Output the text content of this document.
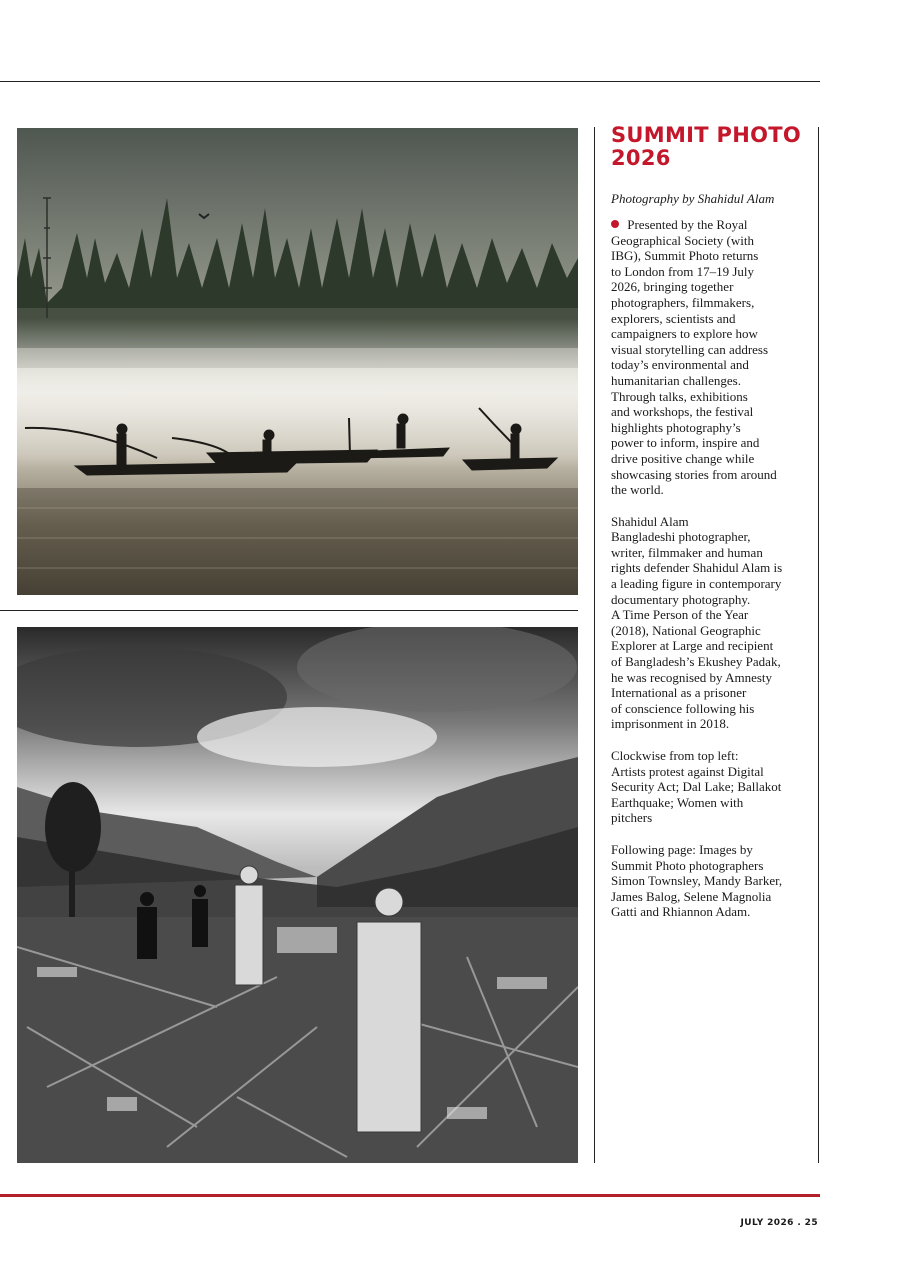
SUMMIT PHOTO
2026

Photography by Shahidul Alam

Presented by the Royal

Geographical Society (with
IBG), Summit Photo returns
to London from 17–19 July
2026, bringing together
photographers, filmmakers,
explorers, scientists and
campaigners to explore how
visual storytelling can address
today’s environmental and
humanitarian challenges.
Through talks, exhibitions
and workshops, the festival
highlights photography’s
power to inform, inspire and
drive positive change while
showcasing stories from around
the world.

Shahidul Alam
Bangladeshi photographer,
writer, filmmaker and human
rights defender Shahidul Alam is
a leading figure in contemporary
documentary photography.
A Time Person of the Year
(2018), National Geographic
Explorer at Large and recipient
of Bangladesh’s Ekushey Padak,
he was recognised by Amnesty
International as a prisoner
of conscience following his
imprisonment in 2018.

Clockwise from top left:
Artists protest against Digital
Security Act; Dal Lake; Ballakot
Earthquake; Women with
pitchers

Following page: Images by
Summit Photo photographers
Simon Townsley, Mandy Barker,
James Balog, Selene Magnolia
Gatti and Rhiannon Adam.

JULY 2026 . 25
